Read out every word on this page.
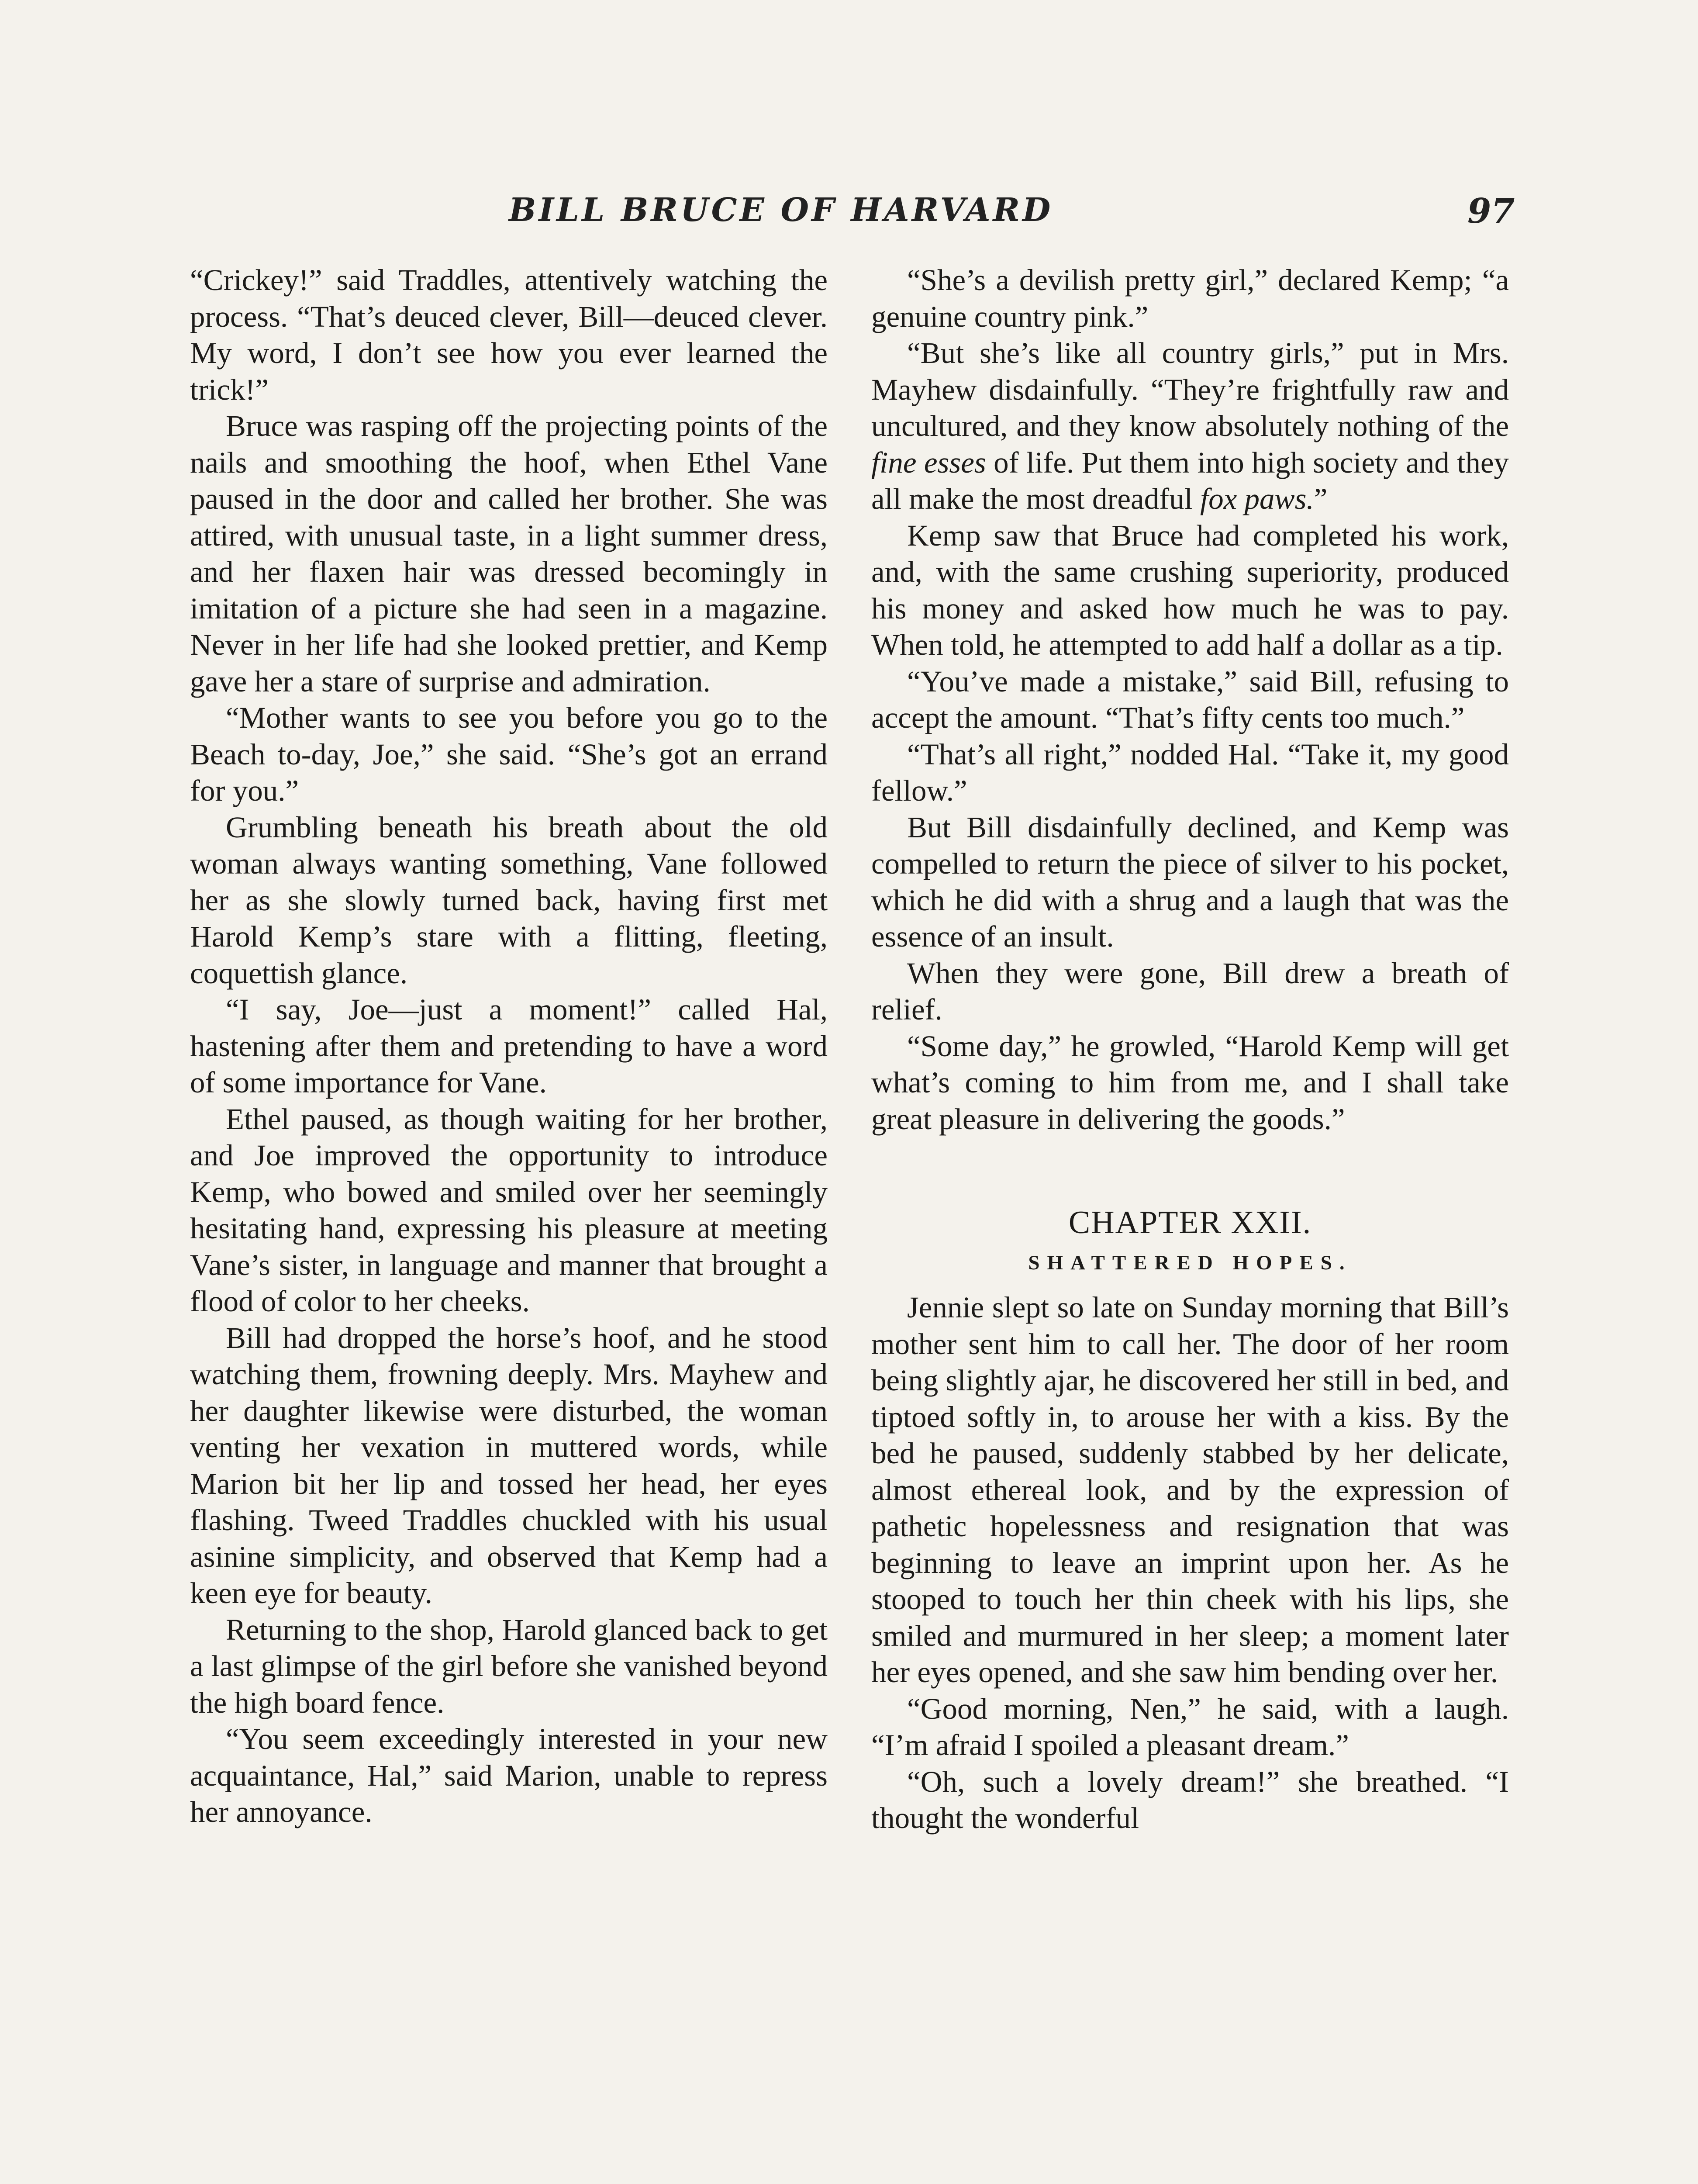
BILL BRUCE OF HARVARD	97

“Crickey!” said Traddles, attentively watching the process. “That’s deuced clever, Bill—deuced clever. My word, I don’t see how you ever learned the trick!”

Bruce was rasping off the projecting points of the nails and smoothing the hoof, when Ethel Vane paused in the door and called her brother. She was attired, with unusual taste, in a light summer dress, and her flaxen hair was dressed becomingly in imitation of a picture she had seen in a magazine. Never in her life had she looked prettier, and Kemp gave her a stare of surprise and admiration.

“Mother wants to see you before you go to the Beach to-day, Joe,” she said. “She’s got an errand for you.”

Grumbling beneath his breath about the old woman always wanting something, Vane followed her as she slowly turned back, having first met Harold Kemp’s stare with a flitting, fleeting, coquettish glance.

“I say, Joe—just a moment!” called Hal, hastening after them and pretending to have a word of some importance for Vane.

Ethel paused, as though waiting for her brother, and Joe improved the opportunity to introduce Kemp, who bowed and smiled over her seemingly hesitating hand, expressing his pleasure at meeting Vane’s sister, in language and manner that brought a flood of color to her cheeks.

Bill had dropped the horse’s hoof, and he stood watching them, frowning deeply. Mrs. Mayhew and her daughter likewise were disturbed, the woman venting her vexation in muttered words, while Marion bit her lip and tossed her head, her eyes flashing. Tweed Traddles chuckled with his usual asinine simplicity, and observed that Kemp had a keen eye for beauty.

Returning to the shop, Harold glanced back to get a last glimpse of the girl before she vanished beyond the high board fence.

“You seem exceedingly interested in your new acquaintance, Hal,” said Marion, unable to repress her annoyance.

“She’s a devilish pretty girl,” declared Kemp; “a genuine country pink.”

“But she’s like all country girls,” put in Mrs. Mayhew disdainfully. “They’re frightfully raw and uncultured, and they know absolutely nothing of the fine esses of life. Put them into high society and they all make the most dreadful fox paws.”

Kemp saw that Bruce had completed his work, and, with the same crushing superiority, produced his money and asked how much he was to pay. When told, he attempted to add half a dollar as a tip.

“You’ve made a mistake,” said Bill, refusing to accept the amount. “That’s fifty cents too much.”

“That’s all right,” nodded Hal. “Take it, my good fellow.”

But Bill disdainfully declined, and Kemp was compelled to return the piece of silver to his pocket, which he did with a shrug and a laugh that was the essence of an insult.

When they were gone, Bill drew a breath of relief.

“Some day,” he growled, “Harold Kemp will get what’s coming to him from me, and I shall take great pleasure in delivering the goods.”

CHAPTER XXII.
SHATTERED HOPES.

Jennie slept so late on Sunday morning that Bill’s mother sent him to call her. The door of her room being slightly ajar, he discovered her still in bed, and tiptoed softly in, to arouse her with a kiss. By the bed he paused, suddenly stabbed by her delicate, almost ethereal look, and by the expression of pathetic hopelessness and resignation that was beginning to leave an imprint upon her. As he stooped to touch her thin cheek with his lips, she smiled and murmured in her sleep; a moment later her eyes opened, and she saw him bending over her.

“Good morning, Nen,” he said, with a laugh. “I’m afraid I spoiled a pleasant dream.”

“Oh, such a lovely dream!” she breathed. “I thought the wonderful
